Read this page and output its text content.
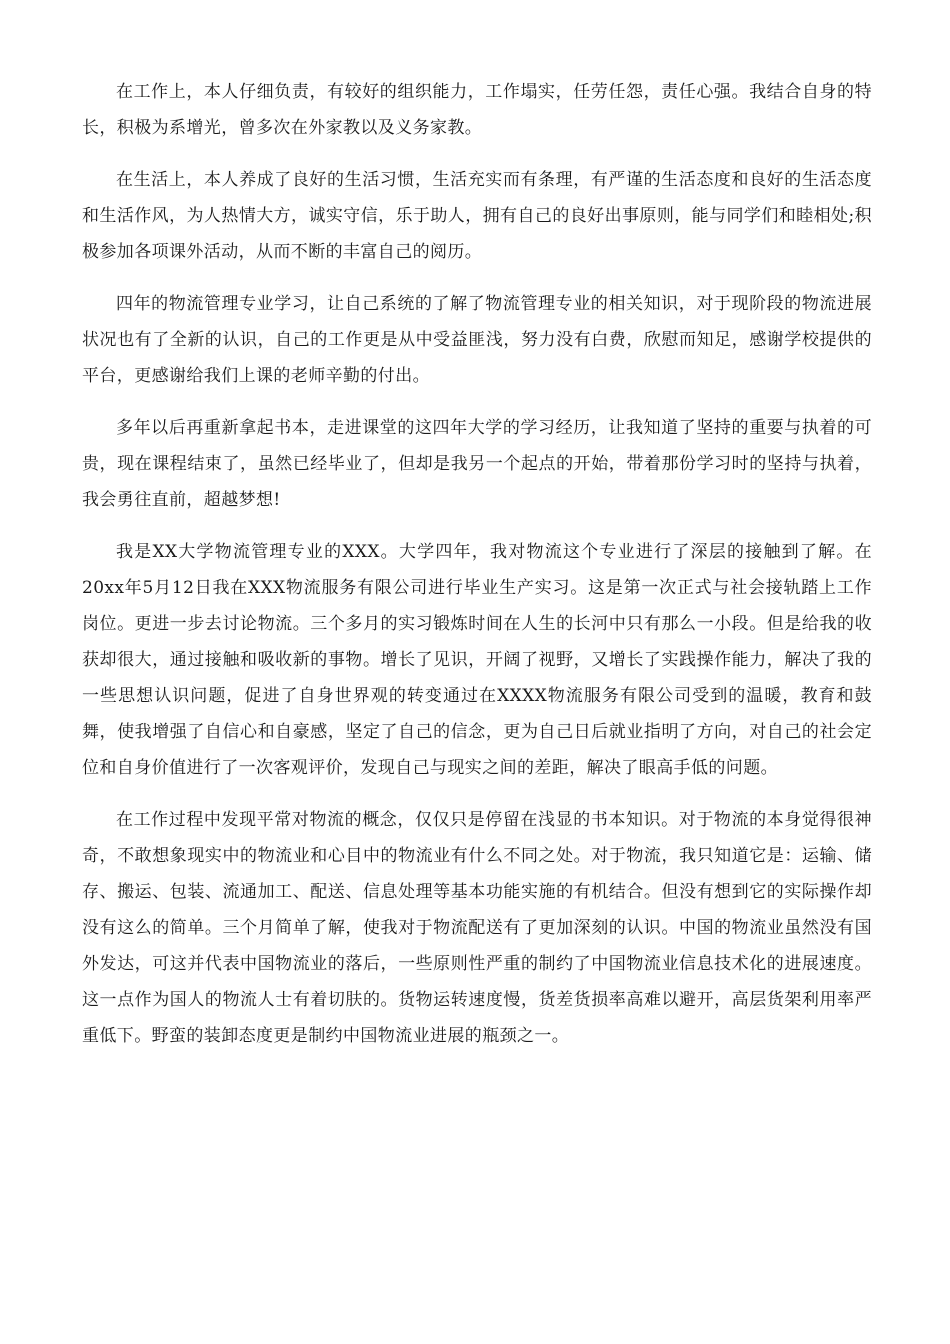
在工作上，本人仔细负责，有较好的组织能力，工作塌实，任劳任怨，责任心强。我结合自身的特长，积极为系增光，曾多次在外家教以及义务家教。

在生活上，本人养成了良好的生活习惯，生活充实而有条理，有严谨的生活态度和良好的生活态度和生活作风，为人热情大方，诚实守信，乐于助人，拥有自己的良好出事原则，能与同学们和睦相处;积极参加各项课外活动，从而不断的丰富自己的阅历。

四年的物流管理专业学习，让自己系统的了解了物流管理专业的相关知识，对于现阶段的物流进展状况也有了全新的认识，自己的工作更是从中受益匪浅，努力没有白费，欣慰而知足，感谢学校提供的平台，更感谢给我们上课的老师辛勤的付出。

多年以后再重新拿起书本，走进课堂的这四年大学的学习经历，让我知道了坚持的重要与执着的可贵，现在课程结束了，虽然已经毕业了，但却是我另一个起点的开始，带着那份学习时的坚持与执着，我会勇往直前，超越梦想!

我是XX大学物流管理专业的XXX。大学四年，我对物流这个专业进行了深层的接触到了解。在20xx年5月12日我在XXX物流服务有限公司进行毕业生产实习。这是第一次正式与社会接轨踏上工作岗位。更进一步去讨论物流。三个多月的实习锻炼时间在人生的长河中只有那么一小段。但是给我的收获却很大，通过接触和吸收新的事物。增长了见识，开阔了视野，又增长了实践操作能力，解决了我的一些思想认识问题，促进了自身世界观的转变通过在XXXX物流服务有限公司受到的温暖，教育和鼓舞，使我增强了自信心和自豪感，坚定了自己的信念，更为自己日后就业指明了方向，对自己的社会定位和自身价值进行了一次客观评价，发现自己与现实之间的差距，解决了眼高手低的问题。

在工作过程中发现平常对物流的概念，仅仅只是停留在浅显的书本知识。对于物流的本身觉得很神奇，不敢想象现实中的物流业和心目中的物流业有什么不同之处。对于物流，我只知道它是：运输、储存、搬运、包装、流通加工、配送、信息处理等基本功能实施的有机结合。但没有想到它的实际操作却没有这么的简单。三个月简单了解，使我对于物流配送有了更加深刻的认识。中国的物流业虽然没有国外发达，可这并代表中国物流业的落后，一些原则性严重的制约了中国物流业信息技术化的进展速度。这一点作为国人的物流人士有着切肤的。货物运转速度慢，货差货损率高难以避开，高层货架利用率严重低下。野蛮的装卸态度更是制约中国物流业进展的瓶颈之一。
